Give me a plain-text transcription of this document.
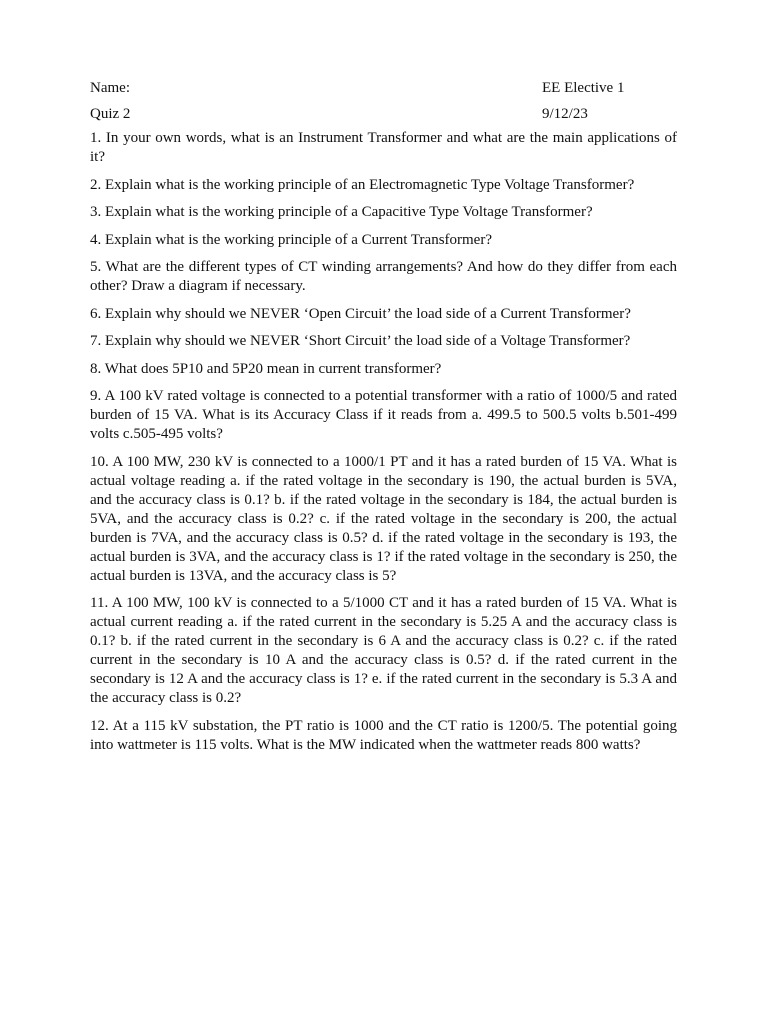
Name:	EE Elective 1
Quiz 2	9/12/23

1. In your own words, what is an Instrument Transformer and what are the main applications of it?

2. Explain what is the working principle of an Electromagnetic Type Voltage Transformer?

3. Explain what is the working principle of a Capacitive Type Voltage Transformer?

4. Explain what is the working principle of a Current Transformer?

5. What are the different types of CT winding arrangements? And how do they differ from each other? Draw a diagram if necessary.

6. Explain why should we NEVER ‘Open Circuit’ the load side of a Current Transformer?

7. Explain why should we NEVER ‘Short Circuit’ the load side of a Voltage Transformer?

8. What does 5P10 and 5P20 mean in current transformer?

9. A 100 kV rated voltage is connected to a potential transformer with a ratio of 1000/5 and rated burden of 15 VA. What is its Accuracy Class if it reads from a. 499.5 to 500.5 volts b.501-499 volts c.505-495 volts?

10. A 100 MW, 230 kV is connected to a 1000/1 PT and it has a rated burden of 15 VA. What is actual voltage reading a. if the rated voltage in the secondary is 190, the actual burden is 5VA, and the accuracy class is 0.1? b. if the rated voltage in the secondary is 184, the actual burden is 5VA, and the accuracy class is 0.2? c. if the rated voltage in the secondary is 200, the actual burden is 7VA, and the accuracy class is 0.5? d. if the rated voltage in the secondary is 193, the actual burden is 3VA, and the accuracy class is 1? if the rated voltage in the secondary is 250, the actual burden is 13VA, and the accuracy class is 5?

11. A 100 MW, 100 kV is connected to a 5/1000 CT and it has a rated burden of 15 VA. What is actual current reading a. if the rated current in the secondary is 5.25 A and the accuracy class is 0.1? b. if the rated current in the secondary is 6 A and the accuracy class is 0.2? c. if the rated current in the secondary is 10 A and the accuracy class is 0.5? d. if the rated current in the secondary is 12 A and the accuracy class is 1? e. if the rated current in the secondary is 5.3 A and the accuracy class is 0.2?

12. At a 115 kV substation, the PT ratio is 1000 and the CT ratio is 1200/5. The potential going into wattmeter is 115 volts. What is the MW indicated when the wattmeter reads 800 watts?
